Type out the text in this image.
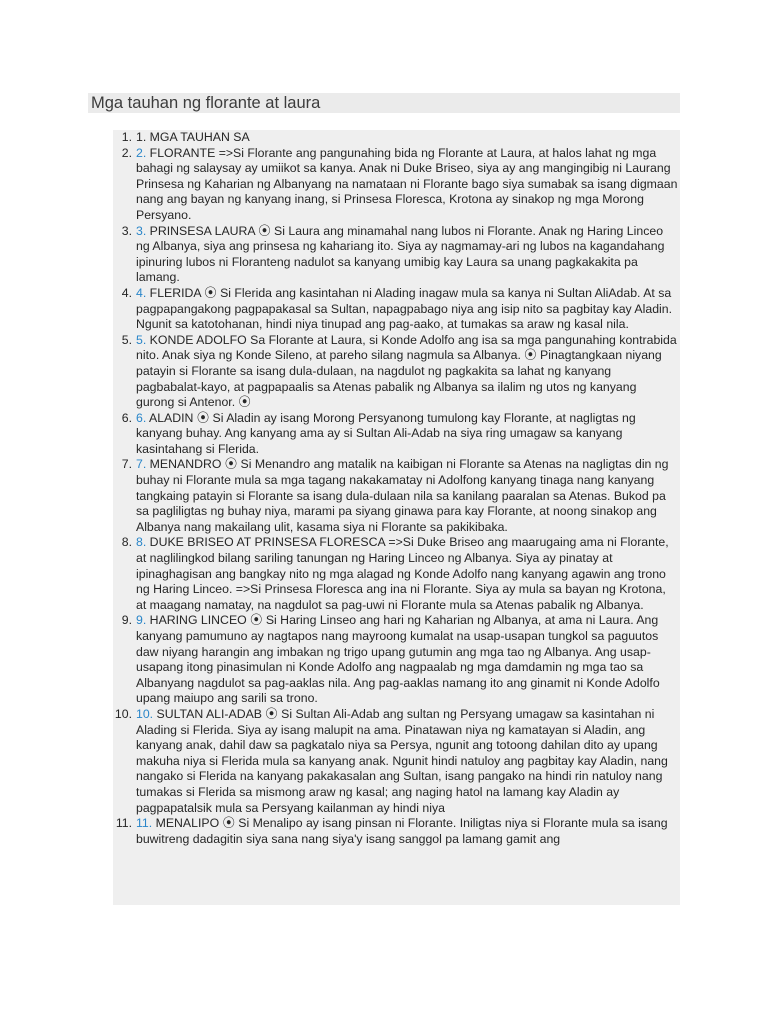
Mga tauhan ng florante at laura
1. 1. MGA TAUHAN SA
2. 2. FLORANTE =>Si Florante ang pangunahing bida ng Florante at Laura, at halos lahat ng mga bahagi ng salaysay ay umiikot sa kanya. Anak ni Duke Briseo, siya ay ang mangingibig ni Laurang Prinsesa ng Kaharian ng Albanyang na namataan ni Florante bago siya sumabak sa isang digmaan nang ang bayan ng kanyang inang, si Prinsesa Floresca, Krotona ay sinakop ng mga Morong Persyano.
3. 3. PRINSESA LAURA ⦿ Si Laura ang minamahal nang lubos ni Florante. Anak ng Haring Linceo ng Albanya, siya ang prinsesa ng kahariang ito. Siya ay nagmamay-ari ng lubos na kagandahang ipinuring lubos ni Floranteng nadulot sa kanyang umibig kay Laura sa unang pagkakakita pa lamang.
4. 4. FLERIDA ⦿ Si Flerida ang kasintahan ni Alading inagaw mula sa kanya ni Sultan AliAdab. At sa pagpapangakong pagpapakasal sa Sultan, napagpabago niya ang isip nito sa pagbitay kay Aladin. Ngunit sa katotohanan, hindi niya tinupad ang pag-aako, at tumakas sa araw ng kasal nila.
5. 5. KONDE ADOLFO Sa Florante at Laura, si Konde Adolfo ang isa sa mga pangunahing kontrabida nito. Anak siya ng Konde Sileno, at pareho silang nagmula sa Albanya. ⦿ Pinagtangkaan niyang patayin si Florante sa isang dula-dulaan, na nagdulot ng pagkakita sa lahat ng kanyang pagbabalat-kayo, at pagpapaalis sa Atenas pabalik ng Albanya sa ilalim ng utos ng kanyang gurong si Antenor. ⦿
6. 6. ALADIN ⦿ Si Aladin ay isang Morong Persyanong tumulong kay Florante, at nagligtas ng kanyang buhay. Ang kanyang ama ay si Sultan Ali-Adab na siya ring umagaw sa kanyang kasintahang si Flerida.
7. 7. MENANDRO ⦿ Si Menandro ang matalik na kaibigan ni Florante sa Atenas na nagligtas din ng buhay ni Florante mula sa mga tagang nakakamatay ni Adolfong kanyang tinaga nang kanyang tangkaing patayin si Florante sa isang dula-dulaan nila sa kanilang paaralan sa Atenas. Bukod pa sa pagliligtas ng buhay niya, marami pa siyang ginawa para kay Florante, at noong sinakop ang Albanya nang makailang ulit, kasama siya ni Florante sa pakikibaka.
8. 8. DUKE BRISEO AT PRINSESA FLORESCA =>Si Duke Briseo ang maarugaing ama ni Florante, at naglilingkod bilang sariling tanungan ng Haring Linceo ng Albanya. Siya ay pinatay at ipinaghagisan ang bangkay nito ng mga alagad ng Konde Adolfo nang kanyang agawin ang trono ng Haring Linceo. =>Si Prinsesa Floresca ang ina ni Florante. Siya ay mula sa bayan ng Krotona, at maagang namatay, na nagdulot sa pag-uwi ni Florante mula sa Atenas pabalik ng Albanya.
9. 9. HARING LINCEO ⦿ Si Haring Linseo ang hari ng Kaharian ng Albanya, at ama ni Laura. Ang kanyang pamumuno ay nagtapos nang mayroong kumalat na usap-usapan tungkol sa paguutos daw niyang harangin ang imbakan ng trigo upang gutumin ang mga tao ng Albanya. Ang usap-usapang itong pinasimulan ni Konde Adolfo ang nagpaalab ng mga damdamin ng mga tao sa Albanyang nagdulot sa pag-aaklas nila. Ang pag-aaklas namang ito ang ginamit ni Konde Adolfo upang maiupo ang sarili sa trono.
10. 10. SULTAN ALI-ADAB ⦿ Si Sultan Ali-Adab ang sultan ng Persyang umagaw sa kasintahan ni Alading si Flerida. Siya ay isang malupit na ama. Pinatawan niya ng kamatayan si Aladin, ang kanyang anak, dahil daw sa pagkatalo niya sa Persya, ngunit ang totoong dahilan dito ay upang makuha niya si Flerida mula sa kanyang anak. Ngunit hindi natuloy ang pagbitay kay Aladin, nang nangako si Flerida na kanyang pakakasalan ang Sultan, isang pangako na hindi rin natuloy nang tumakas si Flerida sa mismong araw ng kasal; ang naging hatol na lamang kay Aladin ay pagpapatalsik mula sa Persyang kailanman ay hindi niya
11. 11. MENALIPO ⦿ Si Menalipo ay isang pinsan ni Florante. Iniligtas niya si Florante mula sa isang buwitreng dadagitin siya sana nang siya'y isang sanggol pa lamang gamit ang
